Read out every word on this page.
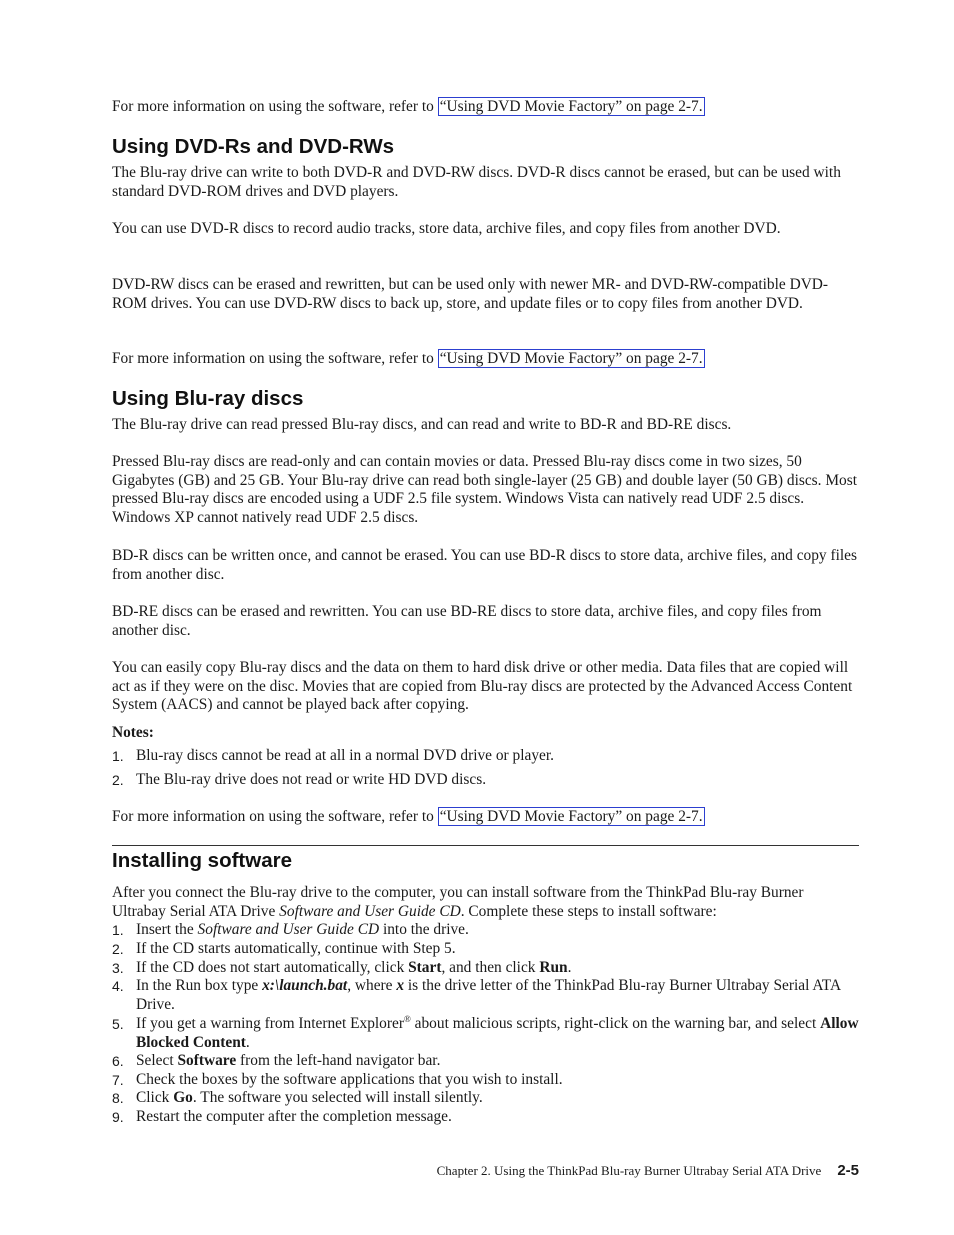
For more information on using the software, refer to “Using DVD Movie Factory” on page 2-7.

Using DVD-Rs and DVD-RWs

The Blu-ray drive can write to both DVD-R and DVD-RW discs. DVD-R discs cannot be erased, but can be used with standard DVD-ROM drives and DVD players.

You can use DVD-R discs to record audio tracks, store data, archive files, and copy files from another DVD.

DVD-RW discs can be erased and rewritten, but can be used only with newer MR- and DVD-RW-compatible DVD-ROM drives. You can use DVD-RW discs to back up, store, and update files or to copy files from another DVD.

For more information on using the software, refer to “Using DVD Movie Factory” on page 2-7.

Using Blu-ray discs

The Blu-ray drive can read pressed Blu-ray discs, and can read and write to BD-R and BD-RE discs.

Pressed Blu-ray discs are read-only and can contain movies or data. Pressed Blu-ray discs come in two sizes, 50 Gigabytes (GB) and 25 GB. Your Blu-ray drive can read both single-layer (25 GB) and double layer (50 GB) discs. Most pressed Blu-ray discs are encoded using a UDF 2.5 file system. Windows Vista can natively read UDF 2.5 discs. Windows XP cannot natively read UDF 2.5 discs.

BD-R discs can be written once, and cannot be erased. You can use BD-R discs to store data, archive files, and copy files from another disc.

BD-RE discs can be erased and rewritten. You can use BD-RE discs to store data, archive files, and copy files from another disc.

You can easily copy Blu-ray discs and the data on them to hard disk drive or other media. Data files that are copied will act as if they were on the disc. Movies that are copied from Blu-ray discs are protected by the Advanced Access Content System (AACS) and cannot be played back after copying.

Notes:

1. Blu-ray discs cannot be read at all in a normal DVD drive or player.
2. The Blu-ray drive does not read or write HD DVD discs.

For more information on using the software, refer to “Using DVD Movie Factory” on page 2-7.

Installing software

After you connect the Blu-ray drive to the computer, you can install software from the ThinkPad Blu-ray Burner Ultrabay Serial ATA Drive Software and User Guide CD. Complete these steps to install software:

1. Insert the Software and User Guide CD into the drive.
2. If the CD starts automatically, continue with Step 5.
3. If the CD does not start automatically, click Start, and then click Run.
4. In the Run box type x:\launch.bat, where x is the drive letter of the ThinkPad Blu-ray Burner Ultrabay Serial ATA Drive.
5. If you get a warning from Internet Explorer® about malicious scripts, right-click on the warning bar, and select Allow Blocked Content.
6. Select Software from the left-hand navigator bar.
7. Check the boxes by the software applications that you wish to install.
8. Click Go. The software you selected will install silently.
9. Restart the computer after the completion message.
Chapter 2. Using the ThinkPad Blu-ray Burner Ultrabay Serial ATA Drive 2-5
